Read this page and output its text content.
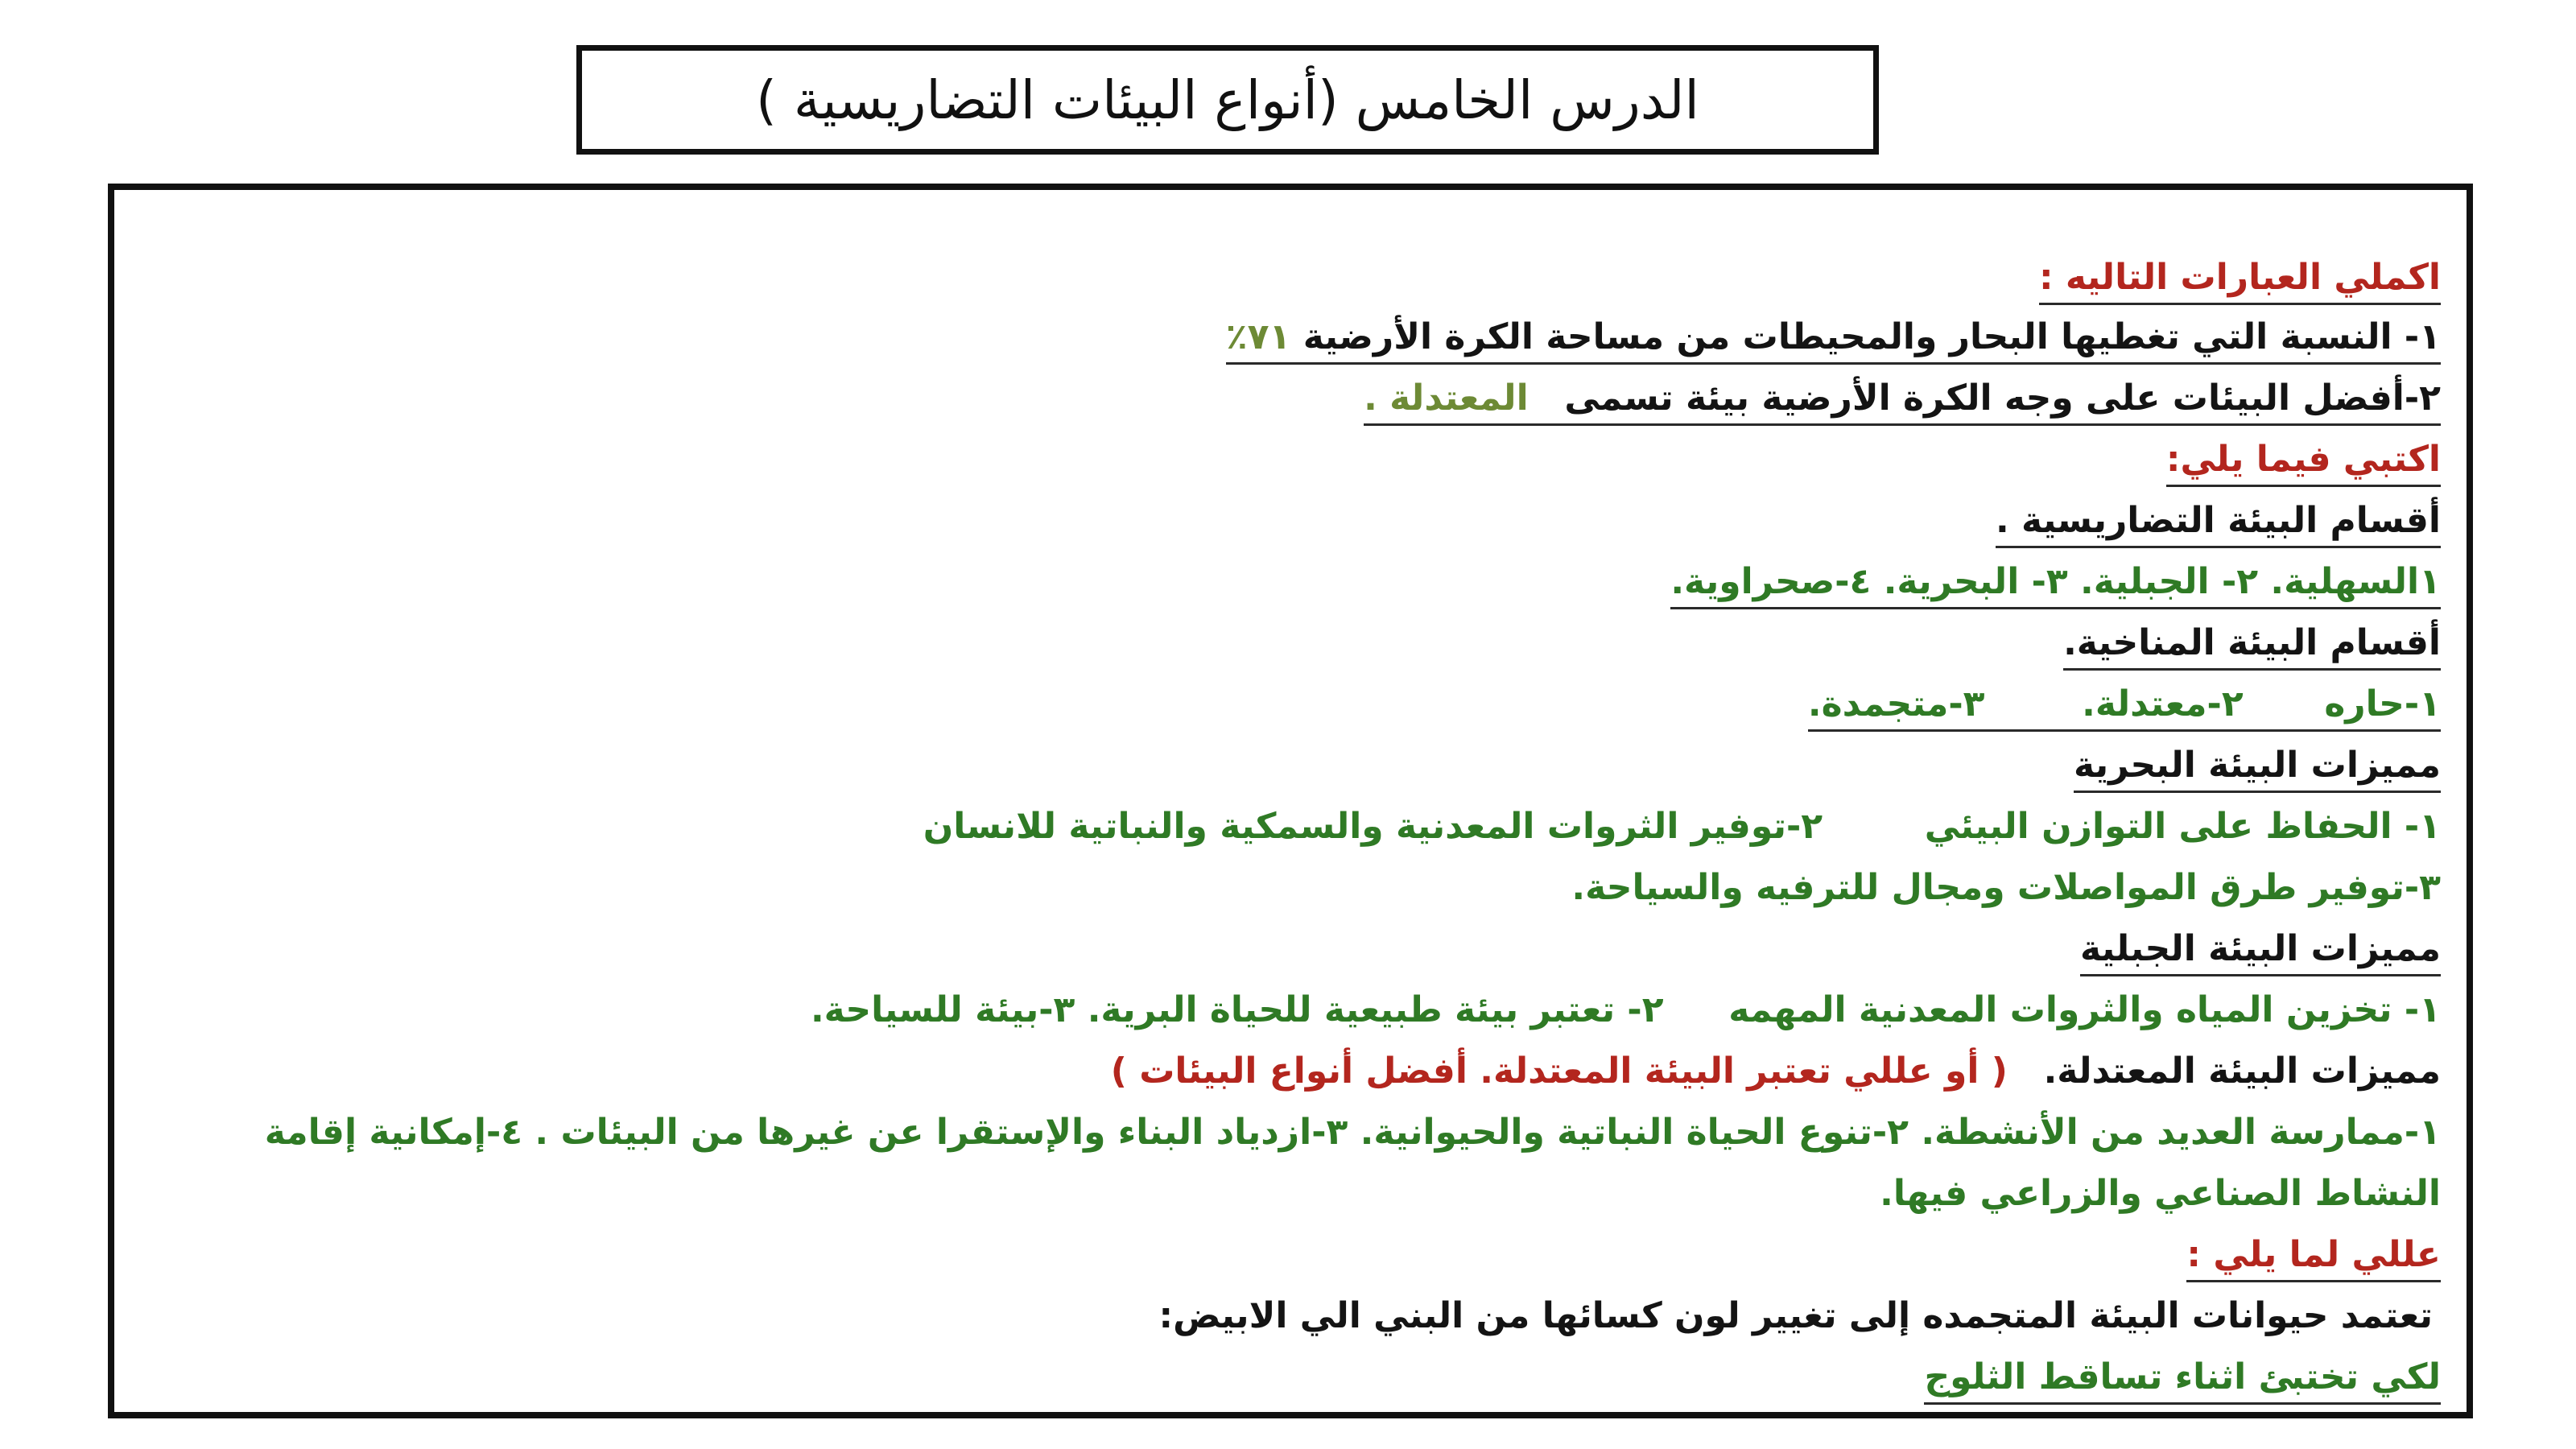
الدرس الخامس (أنواع البيئات التضاريسية )
اكملي العبارات التاليه :
١- النسبة التي تغطيها البحار والمحيطات من مساحة الكرة الأرضية ٧١٪
٢-أفضل البيئات على وجه الكرة الأرضية بيئة تسمى  المعتدلة .
اكتبي فيما يلي:
أقسام البيئة التضاريسية .
١السهلية. ٢- الجبلية. ٣- البحرية. ٤-صحراوية.
أقسام البيئة المناخية.
١-حاره  ٢-معتدلة.  ٣-متجمدة.
مميزات البيئة البحرية
١- الحفاظ على التوازن البيئي  ٢-توفير الثروات المعدنية والسمكية والنباتية للانسان
٣-توفير طرق المواصلات ومجال للترفيه والسياحة.
مميزات البيئة الجبلية
١- تخزين المياه والثروات المعدنية المهمه  ٢- تعتبر بيئة طبيعية للحياة البرية. ٣-بيئة للسياحة.
مميزات البيئة المعتدلة.  ( أو عللي تعتبر البيئة المعتدلة. أفضل أنواع البيئات )
١-ممارسة العديد من الأنشطة. ٢-تنوع الحياة النباتية والحيوانية. ٣-ازدياد البناء والإستقرا عن غيرها من البيئات . ٤-إمكانية إقامة
النشاط الصناعي والزراعي فيها.
عللي لما يلي :
تعتمد حيوانات البيئة المتجمده إلى تغيير لون كسائها من البني الي الابيض:
لكي تختبئ اثناء تساقط الثلوج
